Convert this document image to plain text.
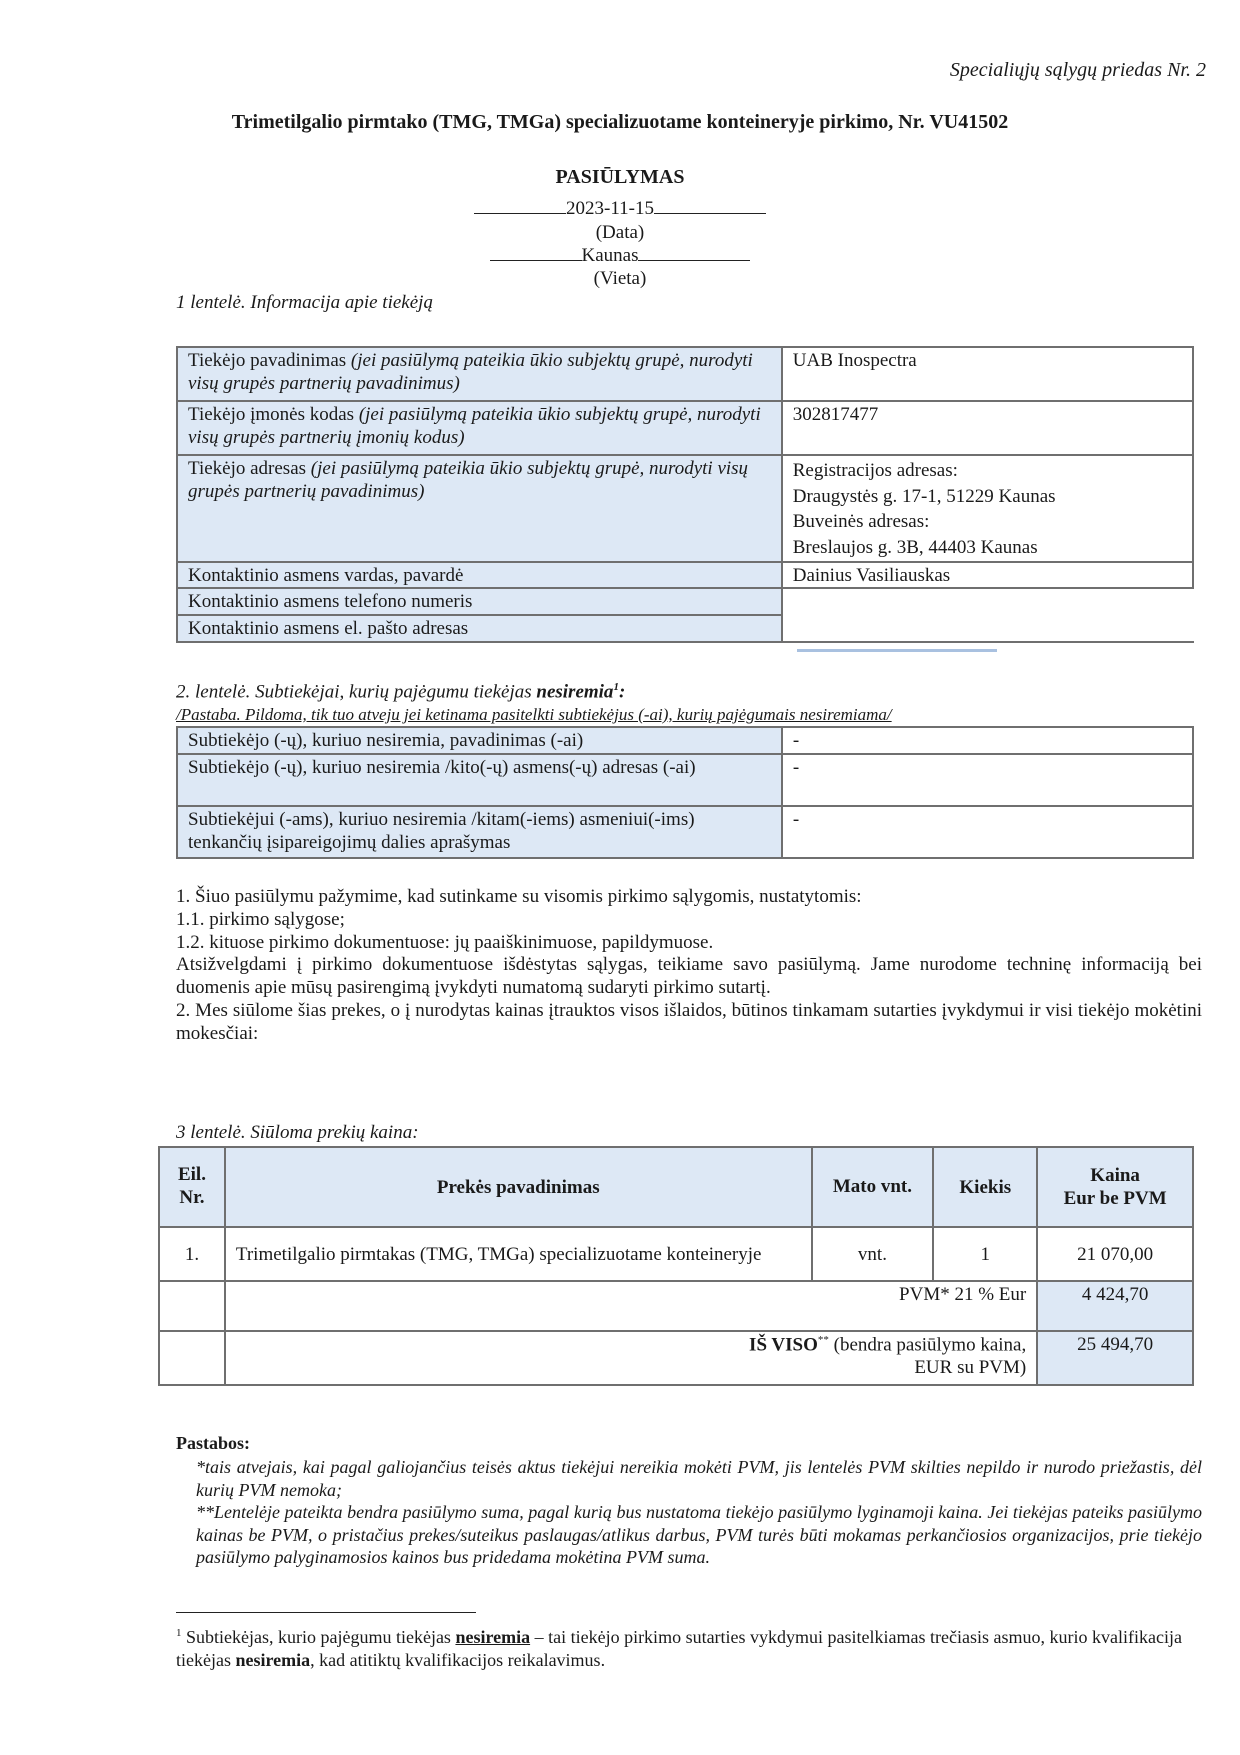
Specialiųjų sąlygų priedas Nr. 2
Trimetilgalio pirmtako (TMG, TMGa) specializuotame konteineryje pirkimo, Nr. VU41502
PASIŪLYMAS
2023-11-15
(Data)
Kaunas
(Vieta)
1 lentelė. Informacija apie tiekėją
Tiekėjo pavadinimas (jei pasiūlymą pateikia ūkio subjektų grupė, nurodyti visų grupės partnerių pavadinimus)	UAB Inospectra
Tiekėjo įmonės kodas (jei pasiūlymą pateikia ūkio subjektų grupė, nurodyti visų grupės partnerių įmonių kodus)	302817477
Tiekėjo adresas (jei pasiūlymą pateikia ūkio subjektų grupė, nurodyti visų grupės partnerių pavadinimus)	Registracijos adresas:
Draugystės g. 17-1, 51229 Kaunas
Buveinės adresas:
Breslaujos g. 3B, 44403 Kaunas

Kontaktinio asmens vardas, pavardė	Dainius Vasiliauskas
Kontaktinio asmens telefono numeris	
Kontaktinio asmens el. pašto adresas	
2. lentelė. Subtiekėjai, kurių pajėgumu tiekėjas nesiremia$^1$:
/Pastaba. Pildoma, tik tuo atveju jei ketinama pasitelkti subtiekėjus (-ai), kurių pajėgumais nesiremiama/
Subtiekėjo (-ų), kuriuo nesiremia, pavadinimas (-ai)	-
Subtiekėjo (-ų), kuriuo nesiremia /kito(-ų) asmens(-ų) adresas (-ai)	-
Subtiekėjui (-ams), kuriuo nesiremia /kitam(-iems) asmeniui(-ims) tenkančių įsipareigojimų dalies aprašymas	-
1. Šiuo pasiūlymu pažymime, kad sutinkame su visomis pirkimo sąlygomis, nustatytomis:
1.1. pirkimo sąlygose;
1.2. kituose pirkimo dokumentuose: jų paaiškinimuose, papildymuose.
Atsižvelgdami į pirkimo dokumentuose išdėstytas sąlygas, teikiame savo pasiūlymą. Jame nurodome techninę informaciją bei duomenis apie mūsų pasirengimą įvykdyti numatomą sudaryti pirkimo sutartį.
2. Mes siūlome šias prekes, o į nurodytas kainas įtrauktos visos išlaidos, būtinos tinkamam sutarties įvykdymui ir visi tiekėjo mokėtini mokesčiai:
3 lentelė. Siūloma prekių kaina:
Eil. Nr.	Prekės pavadinimas	Mato vnt.	Kiekis	Kaina
Eur be PVM

1.	Trimetilgalio pirmtakas (TMG, TMGa) specializuotame konteineryje	vnt.	1	21 070,00
	PVM* 21 % Eur			4 424,70

	IŠ VISO** (bendra pasiūlymo kaina,
EUR su PVM)			25 494,70
Pastabos:
*tais atvejais, kai pagal galiojančius teisės aktus tiekėjui nereikia mokėti PVM, jis lentelės PVM skilties nepildo ir nurodo priežastis, dėl kurių PVM nemoka;
**Lentelėje pateikta bendra pasiūlymo suma, pagal kurią bus nustatoma tiekėjo pasiūlymo lyginamoji kaina. Jei tiekėjas pateiks pasiūlymo kainas be PVM, o pristačius prekes/suteikus paslaugas/atlikus darbus, PVM turės būti mokamas perkančiosios organizacijos, prie tiekėjo pasiūlymo palyginamosios kainos bus pridedama mokėtina PVM suma.
$^1$ Subtiekėjas, kurio pajėgumu tiekėjas nesiremia – tai tiekėjo pirkimo sutarties vykdymui pasitelkiamas trečiasis asmuo, kurio kvalifikacija tiekėjas nesiremia, kad atitiktų kvalifikacijos reikalavimus.
